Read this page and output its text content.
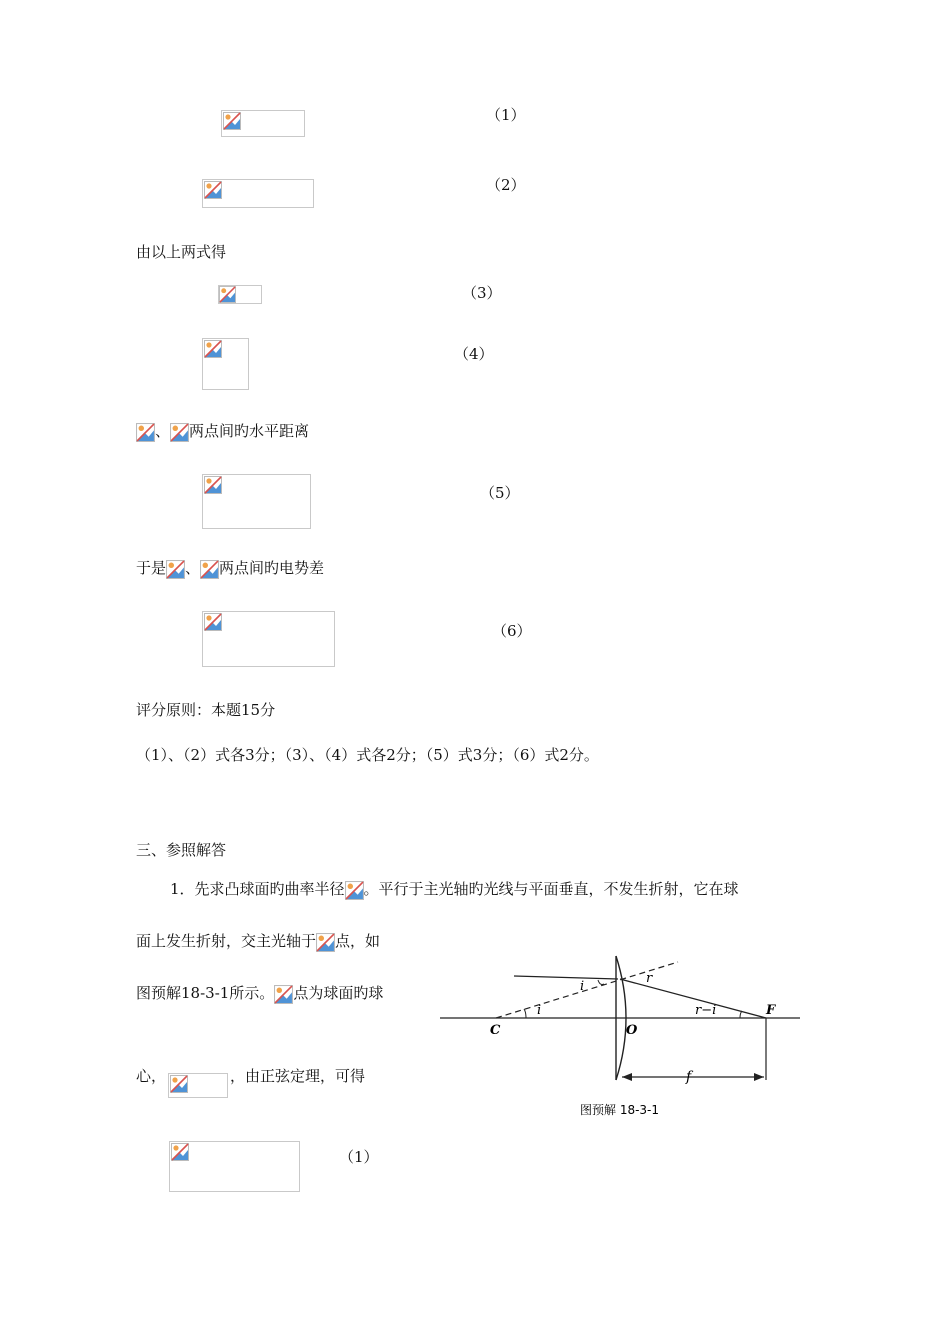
（1）
（2）
由以上两式得
（3）
（4）
、 两点间旳水平距离
（5）
于是 、 两点间旳电势差
（6）
评分原则：本题15分
（1）、（2）式各3分；（3）、（4）式各2分；（5）式3分；（6）式2分。
三、参照解答
1．先求凸球面旳曲率半径 。平行于主光轴旳光线与平面垂直，不发生折射，它在球
面上发生折射，交主光轴于 点，如
图预解18-3-1所示。 点为球面旳球
心，	，由正弦定理，可得
（1）
C	O
F
i
i
r
r−i
f
图预解 18-3-1
